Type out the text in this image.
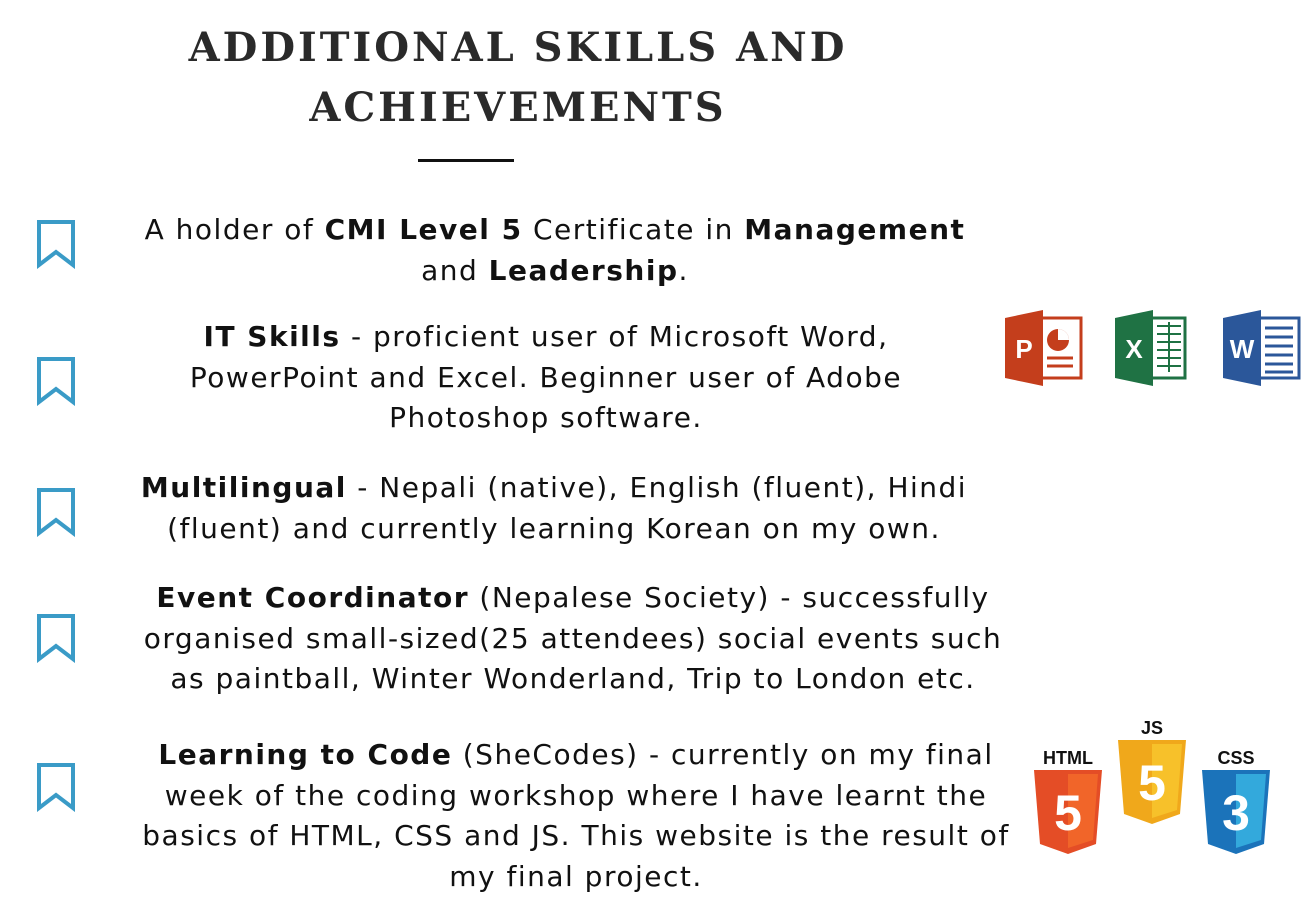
ADDITIONAL SKILLS AND
ACHIEVEMENTS
A holder of CMI Level 5 Certificate in Management and Leadership.
IT Skills - proficient user of Microsoft Word, PowerPoint and Excel. Beginner user of Adobe Photoshop software.
Multilingual - Nepali (native), English (fluent), Hindi (fluent) and currently learning Korean on my own.
Event Coordinator (Nepalese Society) - successfully organised small-sized(25 attendees) social events such as paintball, Winter Wonderland, Trip to London etc.
Learning to Code (SheCodes) - currently on my final week of the coding workshop where I have learnt the basics of HTML, CSS and JS. This website is the result of my final project.
P	X	W
HTML
5
JS
5	CSS
3
